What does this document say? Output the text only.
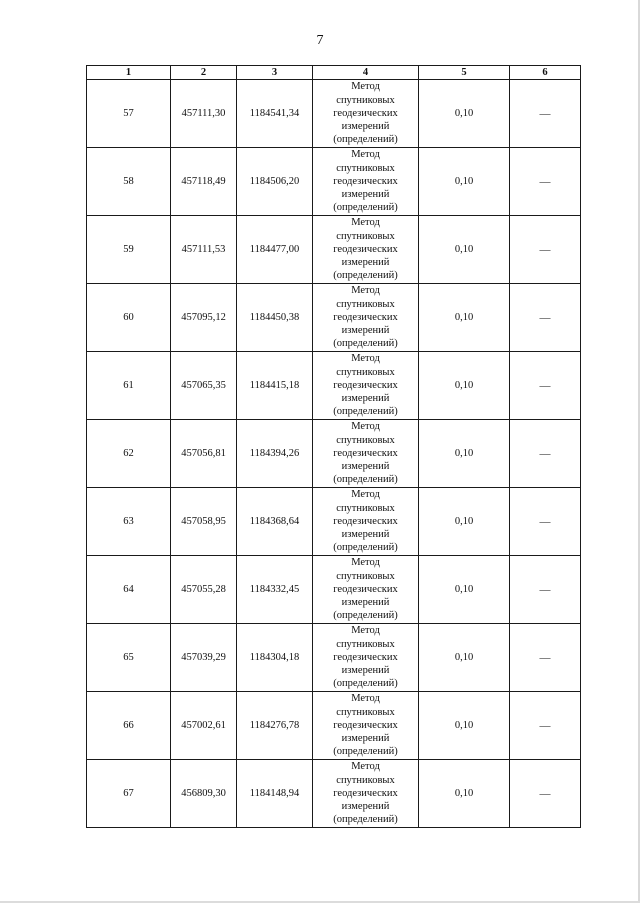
7
1	2	3	4	5	6
57	457111,30	1184541,34	Метод
спутниковых
геодезических
измерений
(определений)	0,10	—
58	457118,49	1184506,20	Метод
спутниковых
геодезических
измерений
(определений)	0,10	—
59	457111,53	1184477,00	Метод
спутниковых
геодезических
измерений
(определений)	0,10	—
60	457095,12	1184450,38	Метод
спутниковых
геодезических
измерений
(определений)	0,10	—
61	457065,35	1184415,18	Метод
спутниковых
геодезических
измерений
(определений)	0,10	—
62	457056,81	1184394,26	Метод
спутниковых
геодезических
измерений
(определений)	0,10	—
63	457058,95	1184368,64	Метод
спутниковых
геодезических
измерений
(определений)	0,10	—
64	457055,28	1184332,45	Метод
спутниковых
геодезических
измерений
(определений)	0,10	—
65	457039,29	1184304,18	Метод
спутниковых
геодезических
измерений
(определений)	0,10	—
66	457002,61	1184276,78	Метод
спутниковых
геодезических
измерений
(определений)	0,10	—
67	456809,30	1184148,94	Метод
спутниковых
геодезических
измерений
(определений)	0,10	—
